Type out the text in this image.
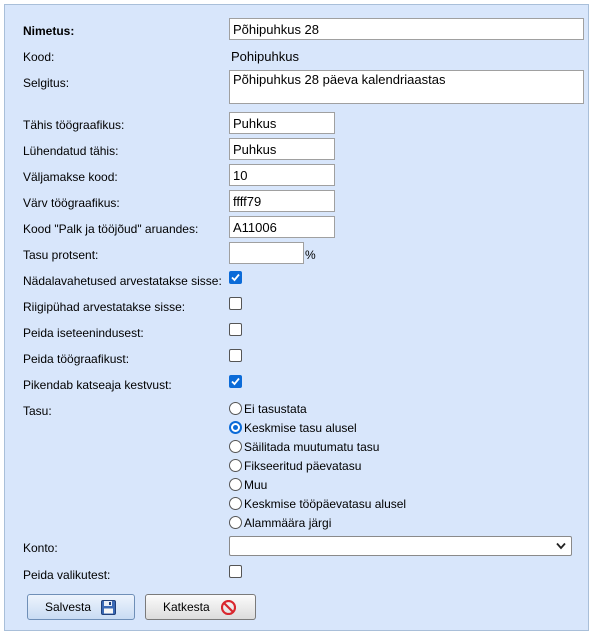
Nimetus:
Põhipuhkus 28
Kood:	Pohipuhkus
Selgitus:
Põhipuhkus 28 päeva kalendriaastas
Tähis töögraafikus:
Puhkus
Lühendatud tähis:
Puhkus
Väljamakse kood:
10
Värv töögraafikus:
ffff79
Kood "Palk ja tööjõud" aruandes:
A11006
Tasu protsent:	%
Nädalavahetused arvestatakse sisse:
Riigipühad arvestatakse sisse:
Peida iseteenindusest:
Peida töögraafikust:
Pikendab katseaja kestvust:
Tasu:	Ei tasustata
Keskmise tasu alusel
Säilitada muutumatu tasu
Fikseeritud päevatasu
Muu
Keskmise tööpäevatasu alusel
Alammäära järgi
Konto:
Peida valikutest:
Salvesta	Katkesta
